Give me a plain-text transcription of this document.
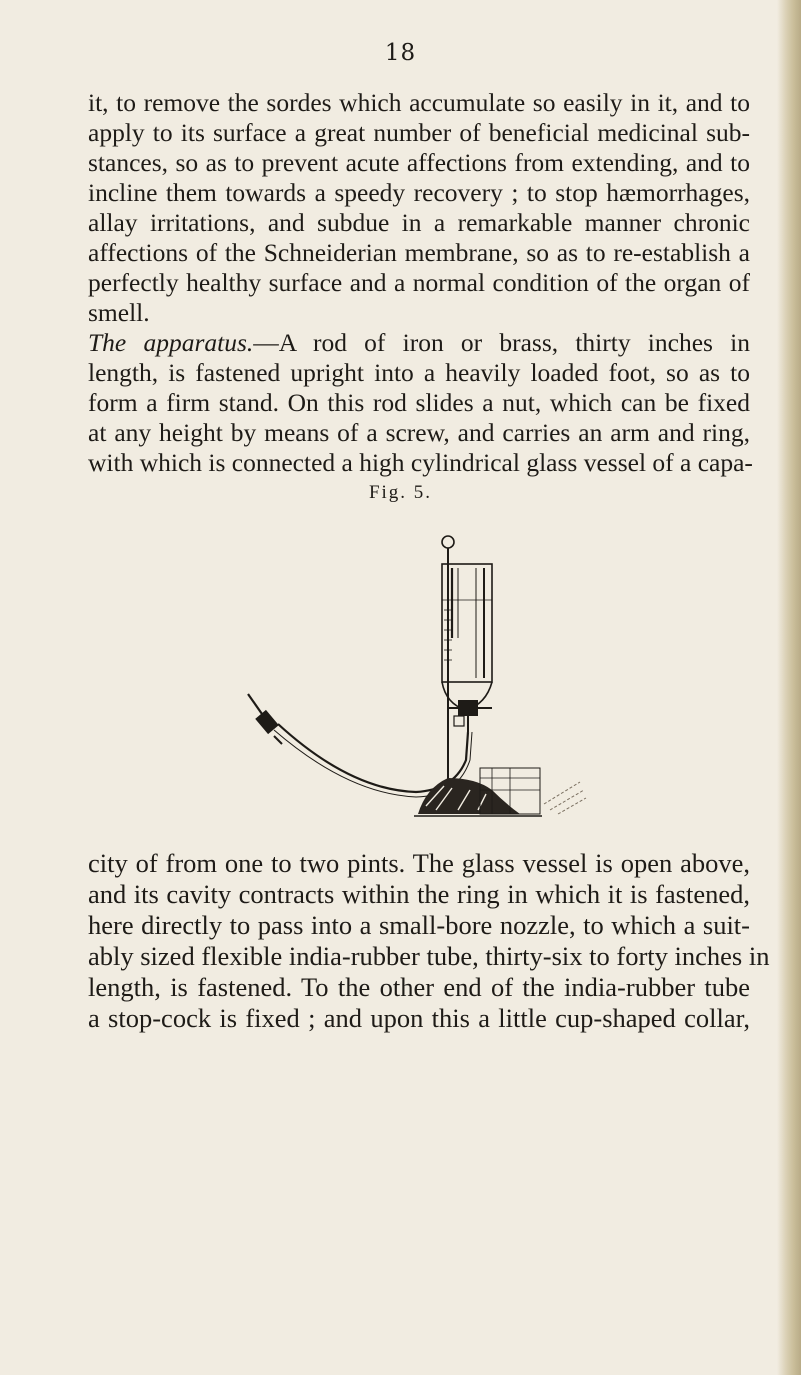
18
it, to remove the sordes which accumulate so easily in it, and to
apply to its surface a great number of beneficial medicinal sub-
stances, so as to prevent acute affections from extending, and to
incline them towards a speedy recovery ; to stop hæmorrhages,
allay irritations, and subdue in a remarkable manner chronic
affections of the Schneiderian membrane, so as to re-establish a
perfectly healthy surface and a normal condition of the organ of
smell.
The apparatus.—A rod of iron or brass, thirty inches in
length, is fastened upright into a heavily loaded foot, so as to
form a firm stand. On this rod slides a nut, which can be fixed
at any height by means of a screw, and carries an arm and ring,
with which is connected a high cylindrical glass vessel of a capa-
Fig. 5.
city of from one to two pints. The glass vessel is open above,
and its cavity contracts within the ring in which it is fastened,
here directly to pass into a small-bore nozzle, to which a suit-
ably sized flexible india-rubber tube, thirty-six to forty inches in
length, is fastened. To the other end of the india-rubber tube
a stop-cock is fixed ; and upon this a little cup-shaped collar,
